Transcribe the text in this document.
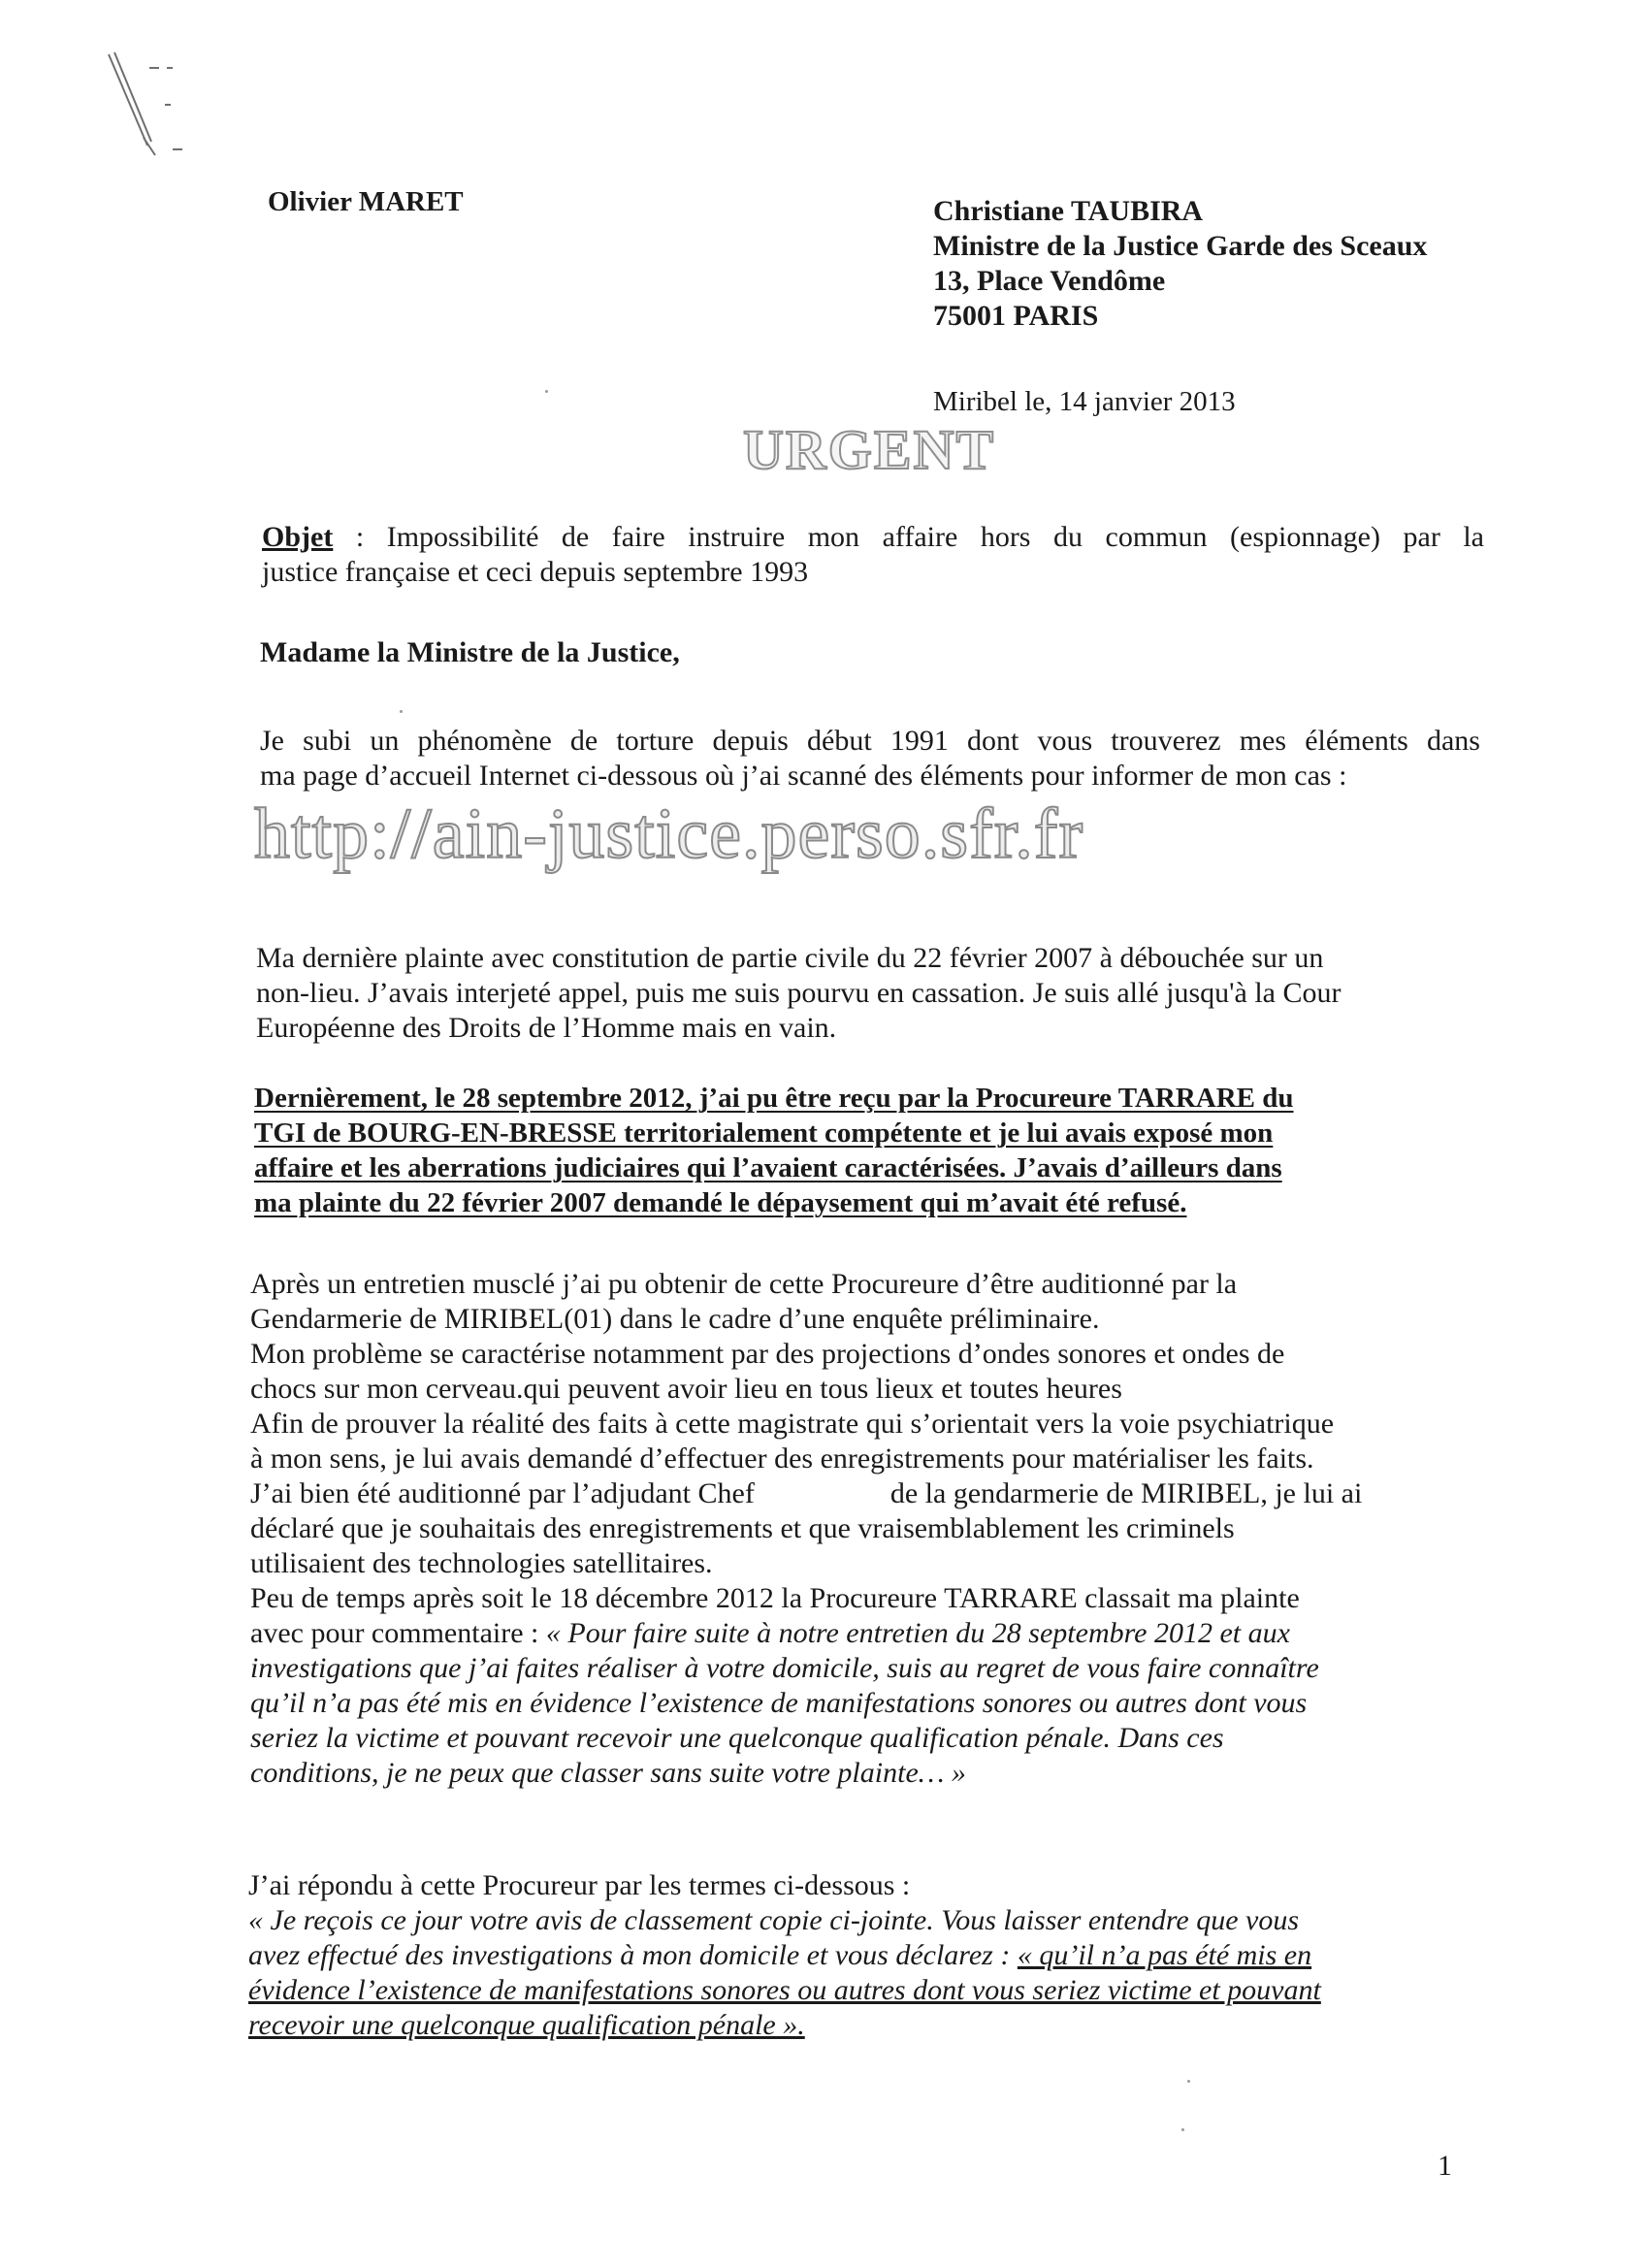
Olivier MARET	Christiane TAUBIRA
Ministre de la Justice Garde des Sceaux
13, Place Vendôme
75001 PARIS
Miribel le, 14 janvier 2013
URGENT
Objet : Impossibilité de faire instruire mon affaire hors du commun (espionnage) par la
justice française et ceci depuis septembre 1993
Madame la Ministre de la Justice,
Je subi un phénomène de torture depuis début 1991 dont vous trouverez mes éléments dans
ma page d’accueil Internet ci-dessous où j’ai scanné des éléments pour informer de mon cas :
http://ain-justice.perso.sfr.fr
Ma dernière plainte avec constitution de partie civile du 22 février 2007 à débouchée sur un
non-lieu. J’avais interjeté appel, puis me suis pourvu en cassation. Je suis allé jusqu'à la Cour
Européenne des Droits de l’Homme mais en vain.
Dernièrement, le 28 septembre 2012, j’ai pu être reçu par la Procureure TARRARE du
TGI de BOURG-EN-BRESSE territorialement compétente et je lui avais exposé mon
affaire et les aberrations judiciaires qui l’avaient caractérisées. J’avais d’ailleurs dans
ma plainte du 22 février 2007 demandé le dépaysement qui m’avait été refusé.
Après un entretien musclé j’ai pu obtenir de cette Procureure d’être auditionné par la
Gendarmerie de MIRIBEL(01) dans le cadre d’une enquête préliminaire.
Mon problème se caractérise notamment par des projections d’ondes sonores et ondes de
chocs sur mon cerveau.qui peuvent avoir lieu en tous lieux et toutes heures
Afin de prouver la réalité des faits à cette magistrate qui s’orientait vers la voie psychiatrique
à mon sens, je lui avais demandé d’effectuer des enregistrements pour matérialiser les faits.
J’ai bien été auditionné par l’adjudant Chef	de la gendarmerie de MIRIBEL, je lui ai
déclaré que je souhaitais des enregistrements et que vraisemblablement les criminels
utilisaient des technologies satellitaires.
Peu de temps après soit le 18 décembre 2012 la Procureure TARRARE classait ma plainte
avec pour commentaire : « Pour faire suite à notre entretien du 28 septembre 2012 et aux
investigations que j’ai faites réaliser à votre domicile, suis au regret de vous faire connaître
qu’il n’a pas été mis en évidence l’existence de manifestations sonores ou autres dont vous
seriez la victime et pouvant recevoir une quelconque qualification pénale. Dans ces
conditions, je ne peux que classer sans suite votre plainte… »
J’ai répondu à cette Procureur par les termes ci-dessous :
« Je reçois ce jour votre avis de classement copie ci-jointe. Vous laisser entendre que vous
avez effectué des investigations à mon domicile et vous déclarez : « qu’il n’a pas été mis en
évidence l’existence de manifestations sonores ou autres dont vous seriez victime et pouvant
recevoir une quelconque qualification pénale ».
1
